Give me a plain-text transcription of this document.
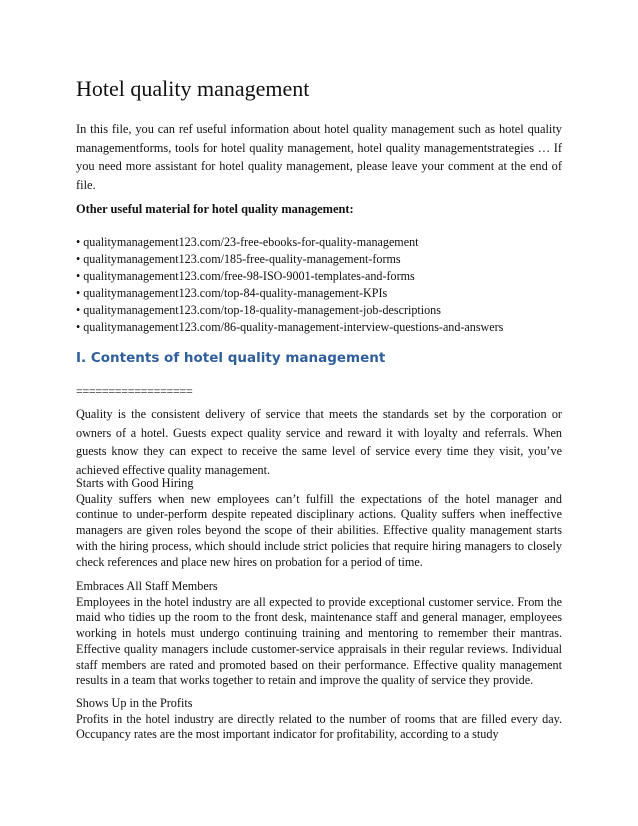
Hotel quality management

In this file, you can ref useful information about hotel quality management such as hotel quality managementforms, tools for hotel quality management, hotel quality managementstrategies … If you need more assistant for hotel quality management, please leave your comment at the end of file.

Other useful material for hotel quality management:
• qualitymanagement123.com/23-free-ebooks-for-quality-management
• qualitymanagement123.com/185-free-quality-management-forms
• qualitymanagement123.com/free-98-ISO-9001-templates-and-forms
• qualitymanagement123.com/top-84-quality-management-KPIs
• qualitymanagement123.com/top-18-quality-management-job-descriptions
• qualitymanagement123.com/86-quality-management-interview-questions-and-answers
I. Contents of hotel quality management
==================

Quality is the consistent delivery of service that meets the standards set by the corporation or owners of a hotel. Guests expect quality service and reward it with loyalty and referrals. When guests know they can expect to receive the same level of service every time they visit, you’ve achieved effective quality management.

Starts with Good Hiring
Quality suffers when new employees can’t fulfill the expectations of the hotel manager and continue to under-perform despite repeated disciplinary actions. Quality suffers when ineffective managers are given roles beyond the scope of their abilities. Effective quality management starts with the hiring process, which should include strict policies that require hiring managers to closely check references and place new hires on probation for a period of time.
Embraces All Staff Members
Employees in the hotel industry are all expected to provide exceptional customer service. From the maid who tidies up the room to the front desk, maintenance staff and general manager, employees working in hotels must undergo continuing training and mentoring to remember their mantras. Effective quality managers include customer-service appraisals in their regular reviews. Individual staff members are rated and promoted based on their performance. Effective quality management results in a team that works together to retain and improve the quality of service they provide.
Shows Up in the Profits
Profits in the hotel industry are directly related to the number of rooms that are filled every day. Occupancy rates are the most important indicator for profitability, according to a study
